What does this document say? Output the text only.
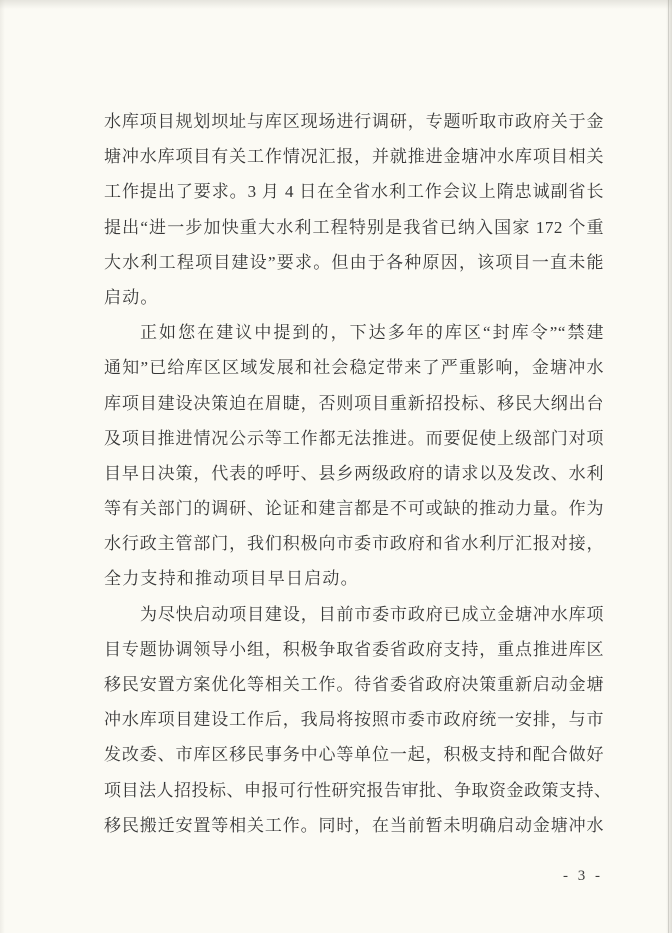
水库项目规划坝址与库区现场进行调研，专题听取市政府关于金
塘冲水库项目有关工作情况汇报，并就推进金塘冲水库项目相关
工作提出了要求。3 月 4 日在全省水利工作会议上隋忠诚副省长
提出“进一步加快重大水利工程特别是我省已纳入国家 172 个重
大水利工程项目建设”要求。但由于各种原因，该项目一直未能
启动。
正如您在建议中提到的，下达多年的库区“封库令”“禁建
通知”已给库区区域发展和社会稳定带来了严重影响，金塘冲水
库项目建设决策迫在眉睫，否则项目重新招投标、移民大纲出台
及项目推进情况公示等工作都无法推进。而要促使上级部门对项
目早日决策，代表的呼吁、县乡两级政府的请求以及发改、水利
等有关部门的调研、论证和建言都是不可或缺的推动力量。作为
水行政主管部门，我们积极向市委市政府和省水利厅汇报对接，
全力支持和推动项目早日启动。
为尽快启动项目建设，目前市委市政府已成立金塘冲水库项
目专题协调领导小组，积极争取省委省政府支持，重点推进库区
移民安置方案优化等相关工作。待省委省政府决策重新启动金塘
冲水库项目建设工作后，我局将按照市委市政府统一安排，与市
发改委、市库区移民事务中心等单位一起，积极支持和配合做好
项目法人招投标、申报可行性研究报告审批、争取资金政策支持、
移民搬迁安置等相关工作。同时，在当前暂未明确启动金塘冲水
- 3 -
